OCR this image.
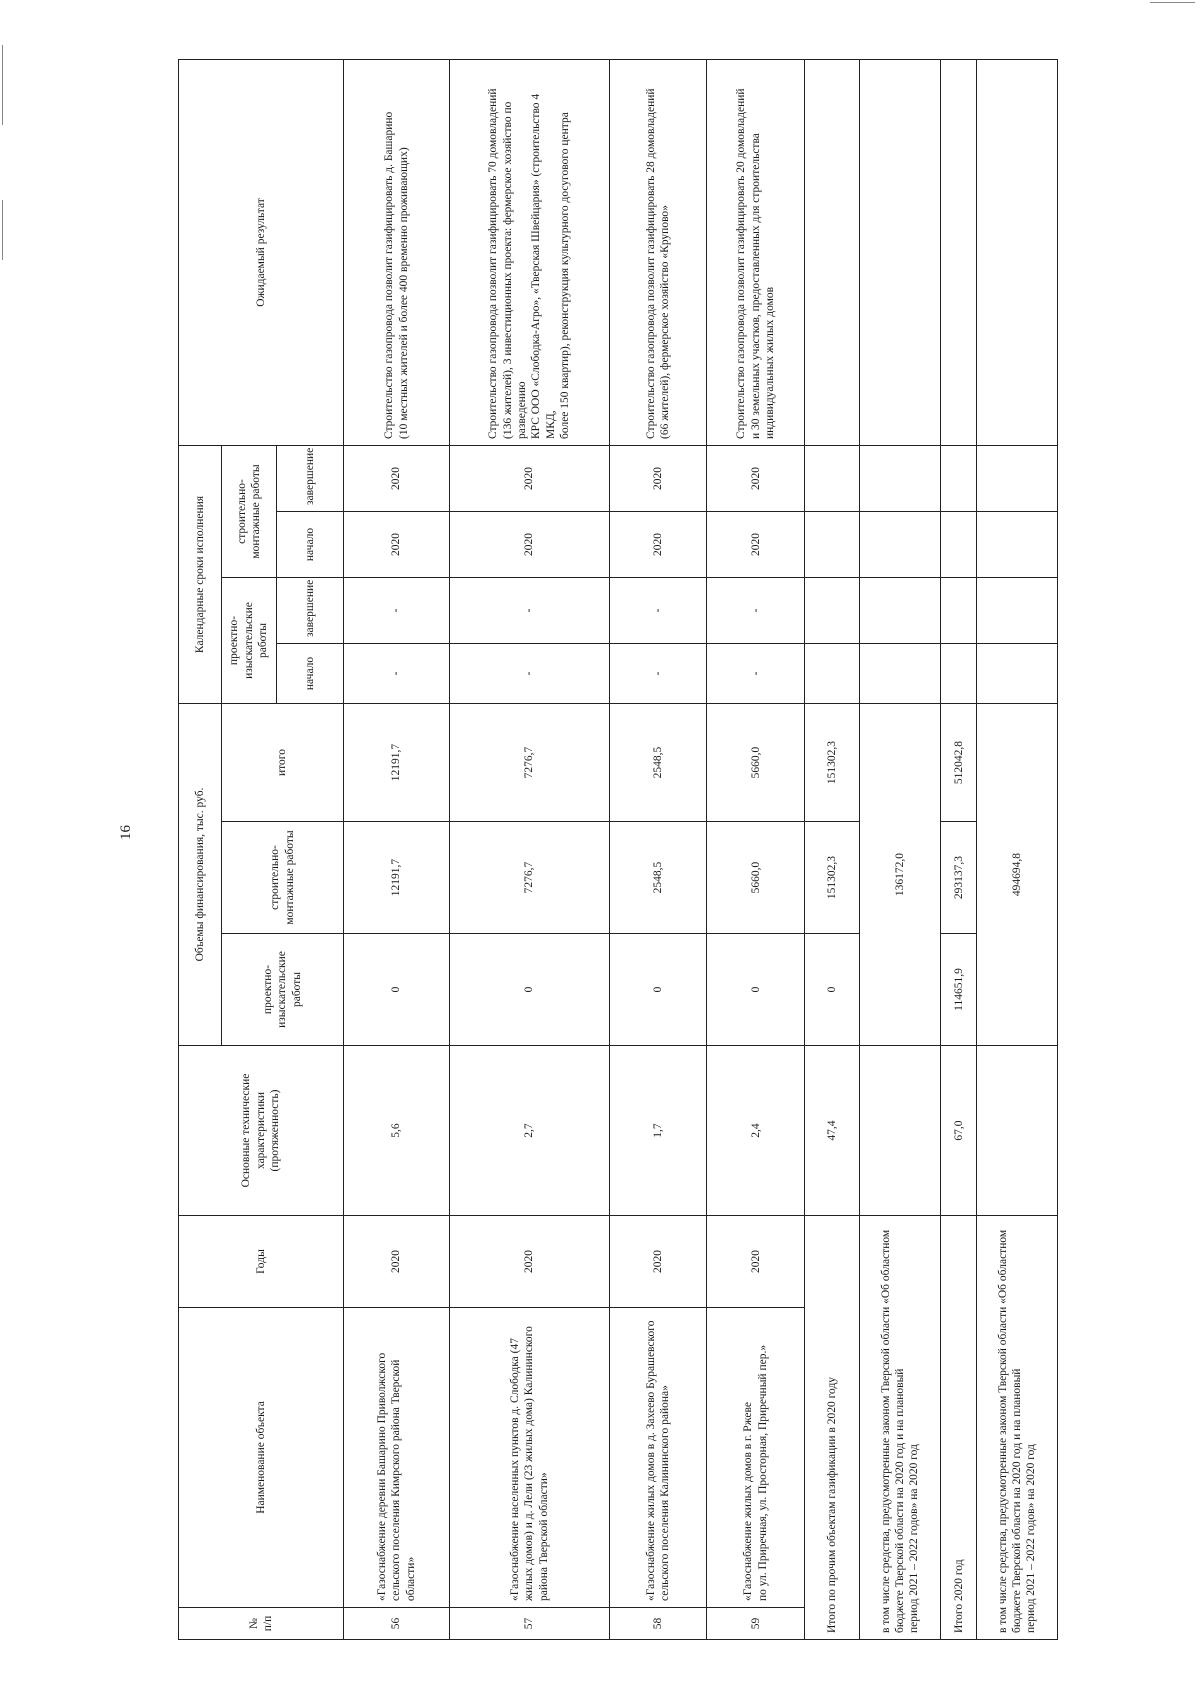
16
№
п/п	Наименование объекта	Годы	Основные технические характеристики (протяженность)	Объемы финансирования, тыс. руб.			Календарные сроки исполнения				Ожидаемый результат
				проектно-изыскательские работы	строительно-монтажные работы	итого	проектно-изыскательские работы		строительно-монтажные работы		
							начало	завершение	начало	завершение	
56	«Газоснабжение деревни Башарино Приволжского сельского поселения Кимрского района Тверской области»	2020	5,6	0	12191,7	12191,7	-	-	2020	2020	Строительство газопровода позволит газифицировать д. Башарино
(10 местных жителей и более 400 временно проживающих)
57	«Газоснабжение населенных пунктов д. Слободка (47 жилых домов) и д. Лели (23 жилых дома) Калининского района Тверской области»	2020	2,7	0	7276,7	7276,7	-	-	2020	2020	Строительство газопровода позволит газифицировать 70 домовладений
(136 жителей), 3 инвестиционных проекта: фермерское хозяйство по разведению
КРС ООО «Слободка-Агро», «Тверская Швейцария» (строительство 4 МКД,
более 150 квартир), реконструкция культурного досугового центра
58	«Газоснабжение жилых домов в д. Захеево Бурашевского сельского поселения Калининского района»	2020	1,7	0	2548,5	2548,5	-	-	2020	2020	Строительство газопровода позволит газифицировать 28 домовладений
(66 жителей), фермерское хозяйство «Крупово»
59	«Газоснабжение жилых домов в г. Ржеве
по ул. Приречная, ул. Просторная, Приречный пер.»	2020	2,4	0	5660,0	5660,0	-	-	2020	2020	Строительство газопровода позволит газифицировать 20 домовладений
и 30 земельных участков, предоставленных для строительства индивидуальных жилых домов
Итого по прочим объектам газификации в 2020 году			47,4	0	151302,3	151302,3					
в том числе средства, предусмотренные законом Тверской области «Об областном бюджете Тверской области на 2020 год и на плановый
период 2021 – 2022 годов» на 2020 год				136172,0							
Итого 2020 год			67,0	114651,9	293137,3	512042,8					
в том числе средства, предусмотренные законом Тверской области «Об областном бюджете Тверской области на 2020 год и на плановый
период 2021 – 2022 годов» на 2020 год				494694,8							
